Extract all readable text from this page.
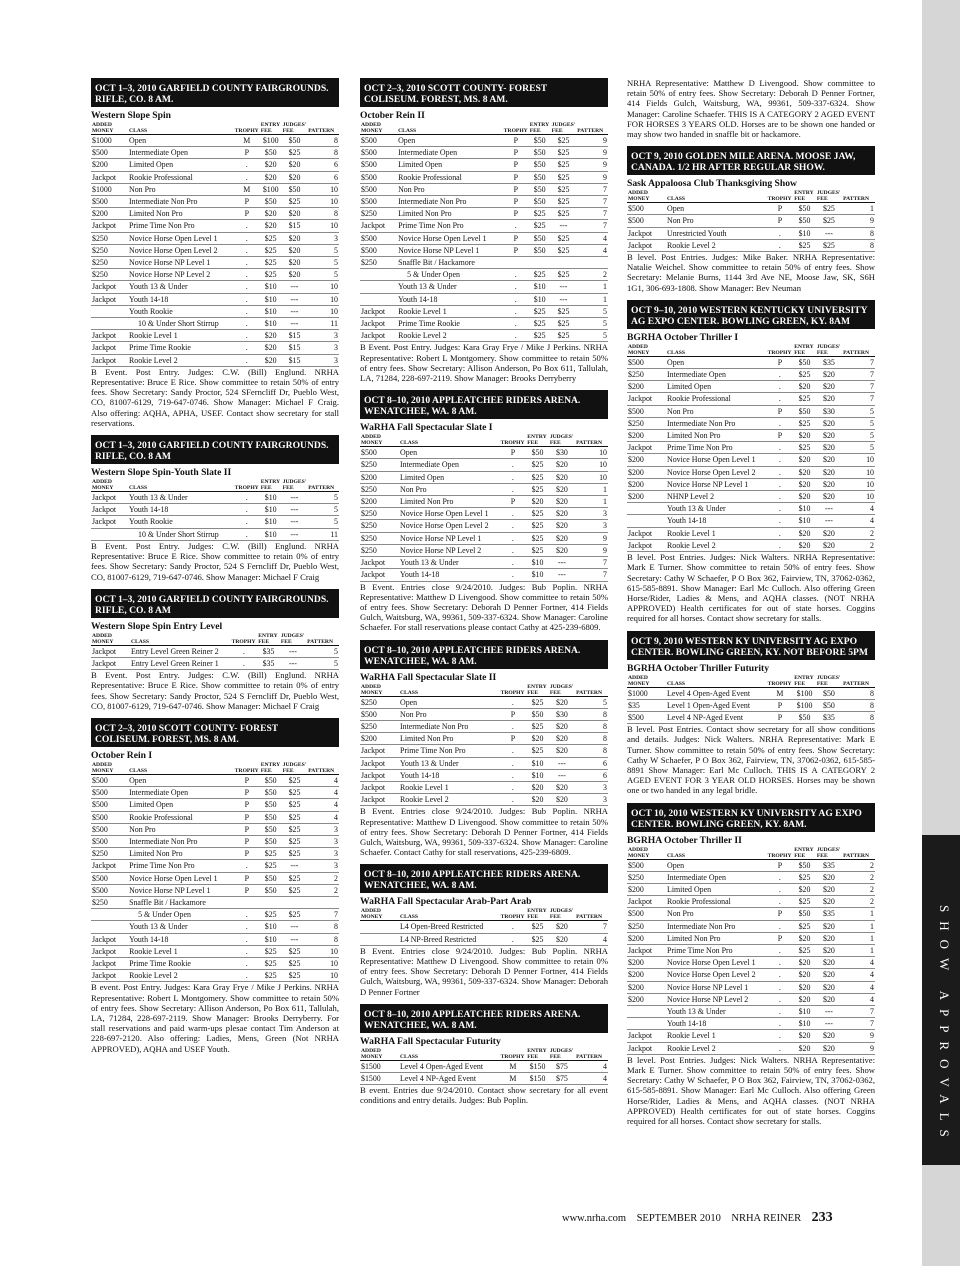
OCT 1–3, 2010 GARFIELD COUNTY FAIRGROUNDS. RIFLE, CO. 8 AM.
Western Slope Spin
ADDED
MONEY	CLASS	TROPHY	ENTRY
FEE	JUDGES'
FEE	PATTERN
$1000	Open	M	$100	$50	8
$500	Intermediate Open	P	$50	$25	8
$200	Limited Open	.	$20	$20	6
Jackpot	Rookie Professional	.	$20	$20	6
$1000	Non Pro	M	$100	$50	10
$500	Intermediate Non Pro	P	$50	$25	10
$200	Limited Non Pro	P	$20	$20	8
Jackpot	Prime Time Non Pro	.	$20	$15	10
$250	Novice Horse Open Level 1	.	$25	$20	3
$250	Novice Horse Open Level 2	.	$25	$20	5
$250	Novice Horse NP Level 1	.	$25	$20	5
$250	Novice Horse NP Level 2	.	$25	$20	5
Jackpot	Youth 13 & Under	.	$10	---	10
Jackpot	Youth 14-18	.	$10	---	10
	Youth Rookie	.	$10	---	10
	10 & Under Short Stirrup	.	$10	---	11
Jackpot	Rookie Level 1	.	$20	$15	3
Jackpot	Prime Time Rookie	.	$20	$15	3
Jackpot	Rookie Level 2	.	$20	$15	3

B Event. Post Entry. Judges: C.W. (Bill) Englund. NRHA Representative: Bruce E Rice. Show committee to retain 50% of entry fees. Show Secretary: Sandy Proctor, 524 SFerncliff Dr, Pueblo West, CO, 81007-6129, 719-647-0746. Show Manager: Michael F Craig. Also offering: AQHA, APHA, USEF. Contact show secretary for stall reservations.

OCT 1–3, 2010 GARFIELD COUNTY FAIRGROUNDS. RIFLE, CO. 8 AM
Western Slope Spin-Youth Slate II
ADDED
MONEY	CLASS	TROPHY	ENTRY
FEE	JUDGES'
FEE	PATTERN
Jackpot	Youth 13 & Under	.	$10	---	5
Jackpot	Youth 14-18	.	$10	---	5
Jackpot	Youth Rookie	.	$10	---	5
	10 & Under Short Stirrup	.	$10	---	11

B Event. Post Entry. Judges: C.W. (Bill) Englund. NRHA Representative: Bruce E Rice. Show committee to retain 0% of entry fees. Show Secretary: Sandy Proctor, 524 S Ferncliff Dr, Pueblo West, CO, 81007-6129, 719-647-0746. Show Manager: Michael F Craig

OCT 1–3, 2010 GARFIELD COUNTY FAIRGROUNDS. RIFLE, CO. 8 AM
Western Slope Spin Entry Level
ADDED
MONEY	CLASS	TROPHY	ENTRY
FEE	JUDGES'
FEE	PATTERN
Jackpot	Entry Level Green Reiner 2	.	$35	---	5
Jackpot	Entry Level Green Reiner 1	.	$35	---	5

B Event. Post Entry. Judges: C.W. (Bill) Englund. NRHA Representative: Bruce E Rice. Show committee to retain 0% of entry fees. Show Secretary: Sandy Proctor, 524 S Ferncliff Dr, Pueblo West, CO, 81007-6129, 719-647-0746. Show Manager: Michael F Craig

OCT 2–3, 2010 SCOTT COUNTY- FOREST COLISEUM. FOREST, MS. 8 AM.
October Rein I
ADDED
MONEY	CLASS	TROPHY	ENTRY
FEE	JUDGES'
FEE	PATTERN
$500	Open	P	$50	$25	4
$500	Intermediate Open	P	$50	$25	4
$500	Limited Open	P	$50	$25	4
$500	Rookie Professional	P	$50	$25	4
$500	Non Pro	P	$50	$25	3
$500	Intermediate Non Pro	P	$50	$25	3
$250	Limited Non Pro	P	$25	$25	3
Jackpot	Prime Time Non Pro	.	$25	---	3
$500	Novice Horse Open Level 1	P	$50	$25	2
$500	Novice Horse NP Level 1	P	$50	$25	2
$250	Snaffle Bit / Hackamore				
	5 & Under Open	.	$25	$25	7
	Youth 13 & Under	.	$10	---	8
Jackpot	Youth 14-18	.	$10	---	8
Jackpot	Rookie Level 1	.	$25	$25	10
Jackpot	Prime Time Rookie	.	$25	$25	10
Jackpot	Rookie Level 2	.	$25	$25	10

B event. Post Entry. Judges: Kara Gray Frye / Mike J Perkins. NRHA Representative: Robert L Montgomery. Show committee to retain 50% of entry fees. Show Secretary: Allison Anderson, Po Box 611, Tallulah, LA, 71284, 228-697-2119. Show Manager: Brooks Derryberry. For stall reservations and paid warm-ups plesae contact Tim Anderson at 228-697-2120. Also offering: Ladies, Mens, Green (Not NRHA APPROVED), AQHA and USEF Youth.

OCT 2–3, 2010 SCOTT COUNTY- FOREST COLISEUM. FOREST, MS. 8 AM.
October Rein II
ADDED
MONEY	CLASS	TROPHY	ENTRY
FEE	JUDGES'
FEE	PATTERN
$500	Open	P	$50	$25	9
$500	Intermediate Open	P	$50	$25	9
$500	Limited Open	P	$50	$25	9
$500	Rookie Professional	P	$50	$25	9
$500	Non Pro	P	$50	$25	7
$500	Intermediate Non Pro	P	$50	$25	7
$250	Limited Non Pro	P	$25	$25	7
Jackpot	Prime Time Non Pro	.	$25	---	7
$500	Novice Horse Open Level 1	P	$50	$25	4
$500	Novice Horse NP Level 1	P	$50	$25	4
$250	Snaffle Bit / Hackamore				
	5 & Under Open	.	$25	$25	2
	Youth 13 & Under	.	$10	---	1
	Youth 14-18	.	$10	---	1
Jackpot	Rookie Level 1	.	$25	$25	5
Jackpot	Prime Time Rookie	.	$25	$25	5
Jackpot	Rookie Level 2	.	$25	$25	5

B Event. Post Entry. Judges: Kara Gray Frye / Mike J Perkins. NRHA Representative: Robert L Montgomery. Show committee to retain 50% of entry fees. Show Secretary: Allison Anderson, Po Box 611, Tallulah, LA, 71284, 228-697-2119. Show Manager: Brooks Derryberry

OCT 8–10, 2010 APPLEATCHEE RIDERS ARENA. WENATCHEE, WA. 8 AM.
WaRHA Fall Spectacular Slate I
ADDED
MONEY	CLASS	TROPHY	ENTRY
FEE	JUDGES'
FEE	PATTERN
$500	Open	P	$50	$30	10
$250	Intermediate Open	.	$25	$20	10
$200	Limited Open	.	$25	$20	10
$250	Non Pro	.	$25	$20	1
$200	Limited Non Pro	P	$20	$20	1
$250	Novice Horse Open Level 1	.	$25	$20	3
$250	Novice Horse Open Level 2	.	$25	$20	3
$250	Novice Horse NP Level 1	.	$25	$20	9
$250	Novice Horse NP Level 2	.	$25	$20	9
Jackpot	Youth 13 & Under	.	$10	---	7
Jackpot	Youth 14-18	.	$10	---	7

B Event. Entries close 9/24/2010. Judges: Bub Poplin. NRHA Representative: Matthew D Livengood. Show committee to retain 50% of entry fees. Show Secretary: Deborah D Penner Fortner, 414 Fields Gulch, Waitsburg, WA, 99361, 509-337-6324. Show Manager: Caroline Schaefer. For stall reservations please contact Cathy at 425-239-6809.

OCT 8–10, 2010 APPLEATCHEE RIDERS ARENA. WENATCHEE, WA. 8 AM.
WaRHA Fall Spectacular Slate II
ADDED
MONEY	CLASS	TROPHY	ENTRY
FEE	JUDGES'
FEE	PATTERN
$250	Open	.	$25	$20	5
$500	Non Pro	P	$50	$30	8
$250	Intermediate Non Pro	.	$25	$20	8
$200	Limited Non Pro	P	$20	$20	8
Jackpot	Prime Time Non Pro	.	$25	$20	8
Jackpot	Youth 13 & Under	.	$10	---	6
Jackpot	Youth 14-18	.	$10	---	6
Jackpot	Rookie Level 1	.	$20	$20	3
Jackpot	Rookie Level 2	.	$20	$20	3

B Event. Entries close 9/24/2010. Judges: Bub Poplin. NRHA Representative: Matthew D Livengood. Show committee to retain 50% of entry fees. Show Secretary: Deborah D Penner Fortner, 414 Fields Gulch, Waitsburg, WA, 99361, 509-337-6324. Show Manager: Caroline Schaefer. Contact Cathy for stall reservations, 425-239-6809.

OCT 8–10, 2010 APPLEATCHEE RIDERS ARENA. WENATCHEE, WA. 8 AM.
WaRHA Fall Spectacular Arab-Part Arab
ADDED
MONEY	CLASS	TROPHY	ENTRY
FEE	JUDGES'
FEE	PATTERN
	L4 Open-Breed Restricted	.	$25	$20	7
	L4 NP-Breed Restricted	.	$25	$20	4

B Event. Entries close 9/24/2010. Judges: Bub Poplin. NRHA Representative: Matthew D Livengood. Show committee to retain 0% of entry fees. Show Secretary: Deborah D Penner Fortner, 414 Fields Gulch, Waitsburg, WA, 99361, 509-337-6324. Show Manager: Deborah D Penner Fortner

OCT 8–10, 2010 APPLEATCHEE RIDERS ARENA. WENATCHEE, WA. 8 AM.
WaRHA Fall Spectacular Futurity
ADDED
MONEY	CLASS	TROPHY	ENTRY
FEE	JUDGES'
FEE	PATTERN
$1500	Level 4 Open-Aged Event	M	$150	$75	4
$1500	Level 4 NP-Aged Event	M	$150	$75	4

B event. Entries due 9/24/2010. Contact show secretary for all event conditions and entry details. Judges: Bub Poplin.

NRHA Representative: Matthew D Livengood. Show committee to retain 50% of entry fees. Show Secretary: Deborah D Penner Fortner, 414 Fields Gulch, Waitsburg, WA, 99361, 509-337-6324. Show Manager: Caroline Schaefer. THIS IS A CATEGORY 2 AGED EVENT FOR HORSES 3 YEARS OLD. Horses are to be shown one handed or may show two handed in snaffle bit or hackamore.

OCT 9, 2010 GOLDEN MILE ARENA. MOOSE JAW, CANADA. 1/2 HR AFTER REGULAR SHOW.
Sask Appaloosa Club Thanksgiving Show
ADDED
MONEY	CLASS	TROPHY	ENTRY
FEE	JUDGES'
FEE	PATTERN
$500	Open	P	$50	$25	1
$500	Non Pro	P	$50	$25	9
Jackpot	Unrestricted Youth	.	$10	---	8
Jackpot	Rookie Level 2	.	$25	$25	8

B level. Post Entries. Judges: Mike Baker. NRHA Representative: Natalie Weichel. Show committee to retain 50% of entry fees. Show Secretary: Melanie Burns, 1144 3rd Ave NE, Moose Jaw, SK, S6H 1G1, 306-693-1808. Show Manager: Bev Neuman

OCT 9–10, 2010 WESTERN KENTUCKY UNIVERSITY AG EXPO CENTER. BOWLING GREEN, KY. 8AM
BGRHA October Thriller I
ADDED
MONEY	CLASS	TROPHY	ENTRY
FEE	JUDGES'
FEE	PATTERN
$500	Open	P	$50	$35	7
$250	Intermediate Open	.	$25	$20	7
$200	Limited Open	.	$20	$20	7
Jackpot	Rookie Professional	.	$25	$20	7
$500	Non Pro	P	$50	$30	5
$250	Intermediate Non Pro	.	$25	$20	5
$200	Limited Non Pro	P	$20	$20	5
Jackpot	Prime Time Non Pro	.	$25	$20	5
$200	Novice Horse Open Level 1	.	$20	$20	10
$200	Novice Horse Open Level 2	.	$20	$20	10
$200	Novice Horse NP Level 1	.	$20	$20	10
$200	NHNP Level 2	.	$20	$20	10
	Youth 13 & Under	.	$10	---	4
	Youth 14-18	.	$10	---	4
Jackpot	Rookie Level 1	.	$20	$20	2
Jackpot	Rookie Level 2	.	$20	$20	2

B level. Post Entries. Judges: Nick Walters. NRHA Representative: Mark E Turner. Show committee to retain 50% of entry fees. Show Secretary: Cathy W Schaefer, P O Box 362, Fairview, TN, 37062-0362, 615-585-8891. Show Manager: Earl Mc Culloch. Also offering Green Horse/Rider, Ladies & Mens, and AQHA classes. (NOT NRHA APPROVED) Health certificates for out of state horses. Coggins required for all horses. Contact show secretary for stalls.

OCT 9, 2010 WESTERN KY UNIVERSITY AG EXPO CENTER. BOWLING GREEN, KY. NOT BEFORE 5PM
BGRHA October Thriller Futurity
ADDED
MONEY	CLASS	TROPHY	ENTRY
FEE	JUDGES'
FEE	PATTERN
$1000	Level 4 Open-Aged Event	M	$100	$50	8
$35	Level 1 Open-Aged Event	P	$100	$50	8
$500	Level 4 NP-Aged Event	P	$50	$35	8

B level. Post Entries. Contact show secretary for all show conditions and details. Judges: Nick Walters. NRHA Representative: Mark E Turner. Show committee to retain 50% of entry fees. Show Secretary: Cathy W Schaefer, P O Box 362, Fairview, TN, 37062-0362, 615-585-8891 Show Manager: Earl Mc Culloch. THIS IS A CATEGORY 2 AGED EVENT FOR 3 YEAR OLD HORSES. Horses may be shown one or two handed in any legal bridle.

OCT 10, 2010 WESTERN KY UNIVERSITY AG EXPO CENTER. BOWLING GREEN, KY. 8AM.
BGRHA October Thriller II
ADDED
MONEY	CLASS	TROPHY	ENTRY
FEE	JUDGES'
FEE	PATTERN
$500	Open	P	$50	$35	2
$250	Intermediate Open	.	$25	$20	2
$200	Limited Open	.	$20	$20	2
Jackpot	Rookie Professional	.	$25	$20	2
$500	Non Pro	P	$50	$35	1
$250	Intermediate Non Pro	.	$25	$20	1
$200	Limited Non Pro	P	$20	$20	1
Jackpot	Prime Time Non Pro	.	$25	$20	1
$200	Novice Horse Open Level 1	.	$20	$20	4
$200	Novice Horse Open Level 2	.	$20	$20	4
$200	Novice Horse NP Level 1	.	$20	$20	4
$200	Novice Horse NP Level 2	.	$20	$20	4
	Youth 13 & Under	.	$10	---	7
	Youth 14-18	.	$10	---	7
Jackpot	Rookie Level 1	.	$20	$20	9
Jackpot	Rookie Level 2	.	$20	$20	9

B level. Post Entries. Judges: Nick Walters. NRHA Representative: Mark E Turner. Show committee to retain 50% of entry fees. Show Secretary: Cathy W Schaefer, P O Box 362, Fairview, TN, 37062-0362, 615-585-8891. Show Manager: Earl Mc Culloch. Also offering Green Horse/Rider, Ladies & Mens, and AQHA classes. (NOT NRHA APPROVED) Health certificates for out of state horses. Coggins required for all horses. Contact show secretary for stalls.	SHOW APPROVALS
www.nrha.com SEPTEMBER 2010 NRHA REINER 233
